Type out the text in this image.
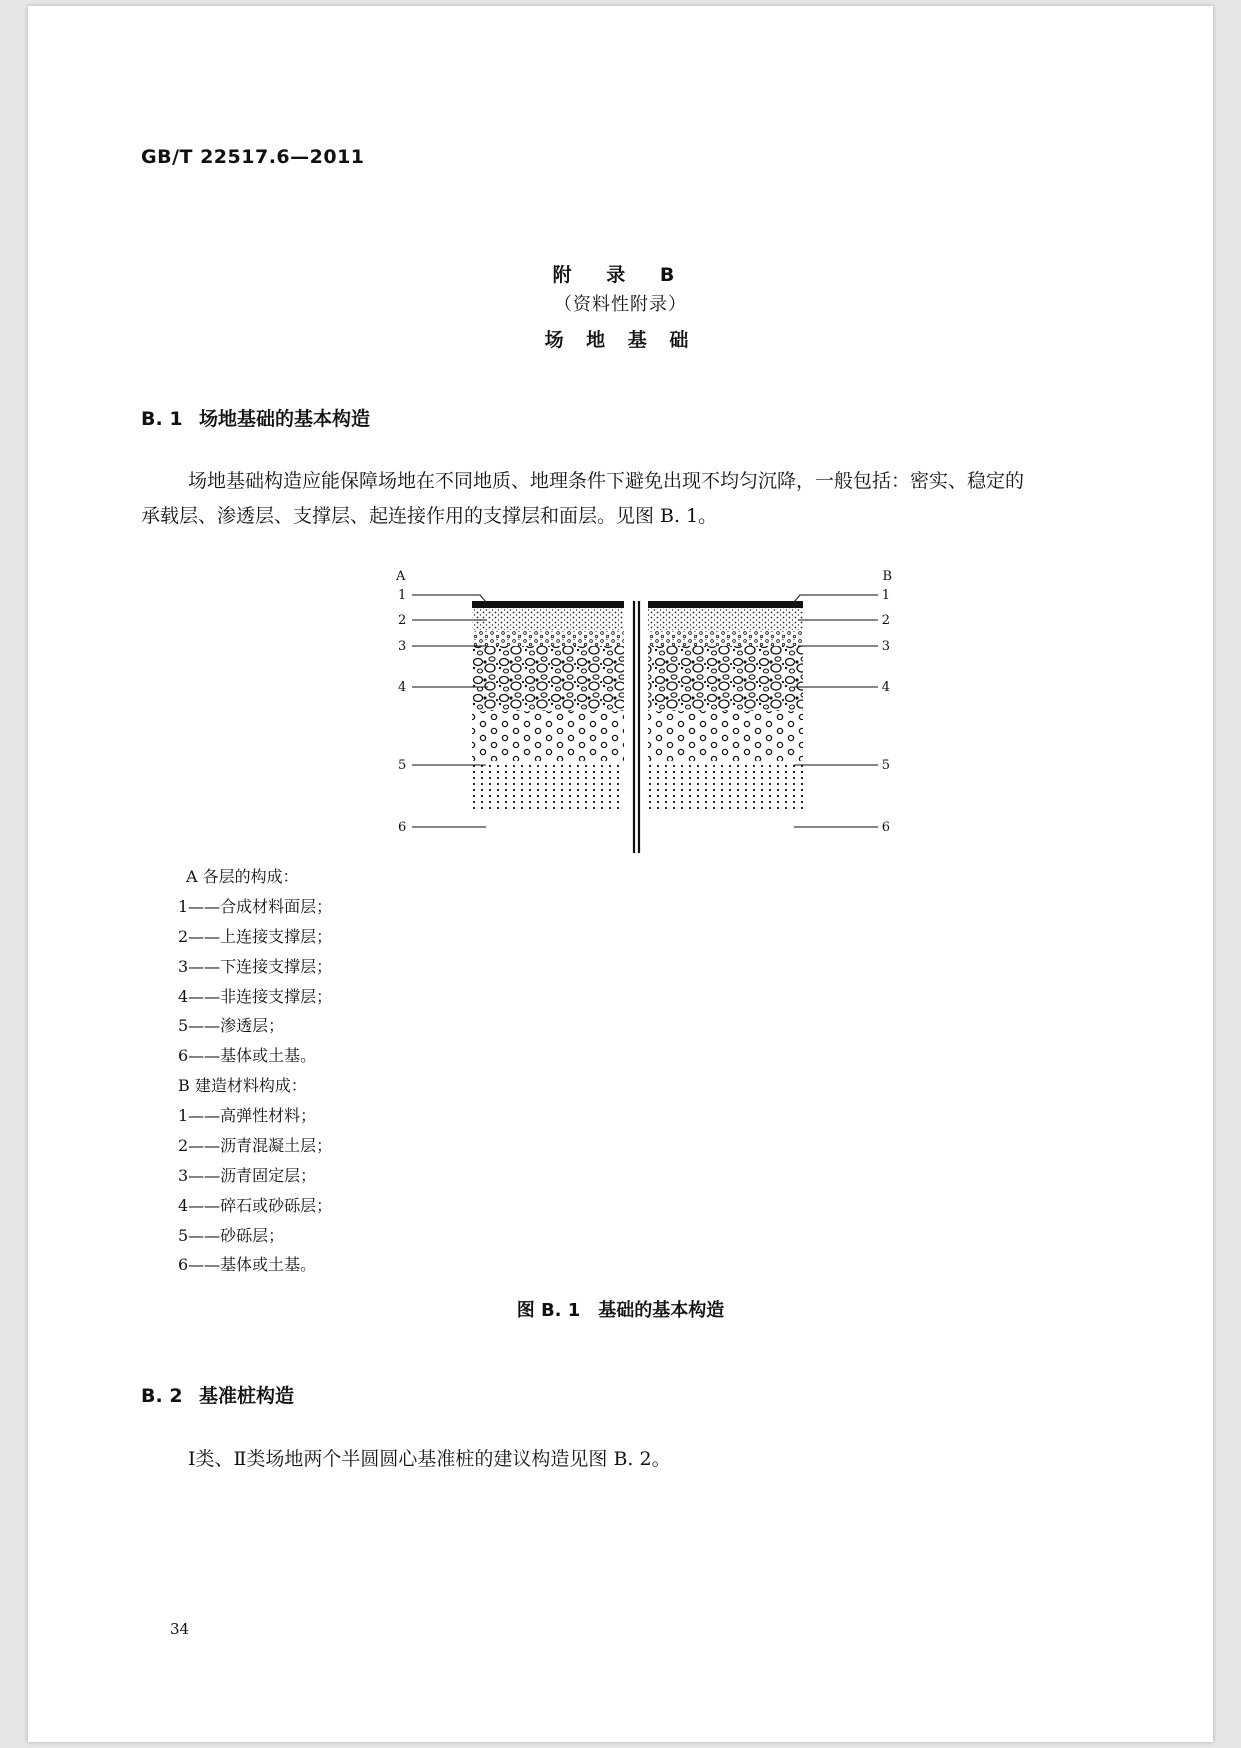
GB/T 22517.6—2011
附 录 B
（资料性附录）
场 地 基 础
B. 1 场地基础的基本构造
场地基础构造应能保障场地在不同地质、地理条件下避免出现不均匀沉降，一般包括：密实、稳定的
承载层、渗透层、支撑层、起连接作用的支撑层和面层。见图 B. 1。
A	B
1
2
3
4
5
6
1
2
3
4
5
6
A 各层的构成：
1——合成材料面层；
2——上连接支撑层；
3——下连接支撑层；
4——非连接支撑层；
5——渗透层；
6——基体或土基。
B 建造材料构成：
1——高弹性材料；
2——沥青混凝土层；
3——沥青固定层；
4——碎石或砂砾层；
5——砂砾层；
6——基体或土基。
图 B. 1　基础的基本构造
B. 2 基准桩构造
Ⅰ类、Ⅱ类场地两个半圆圆心基准桩的建议构造见图 B. 2。
34
